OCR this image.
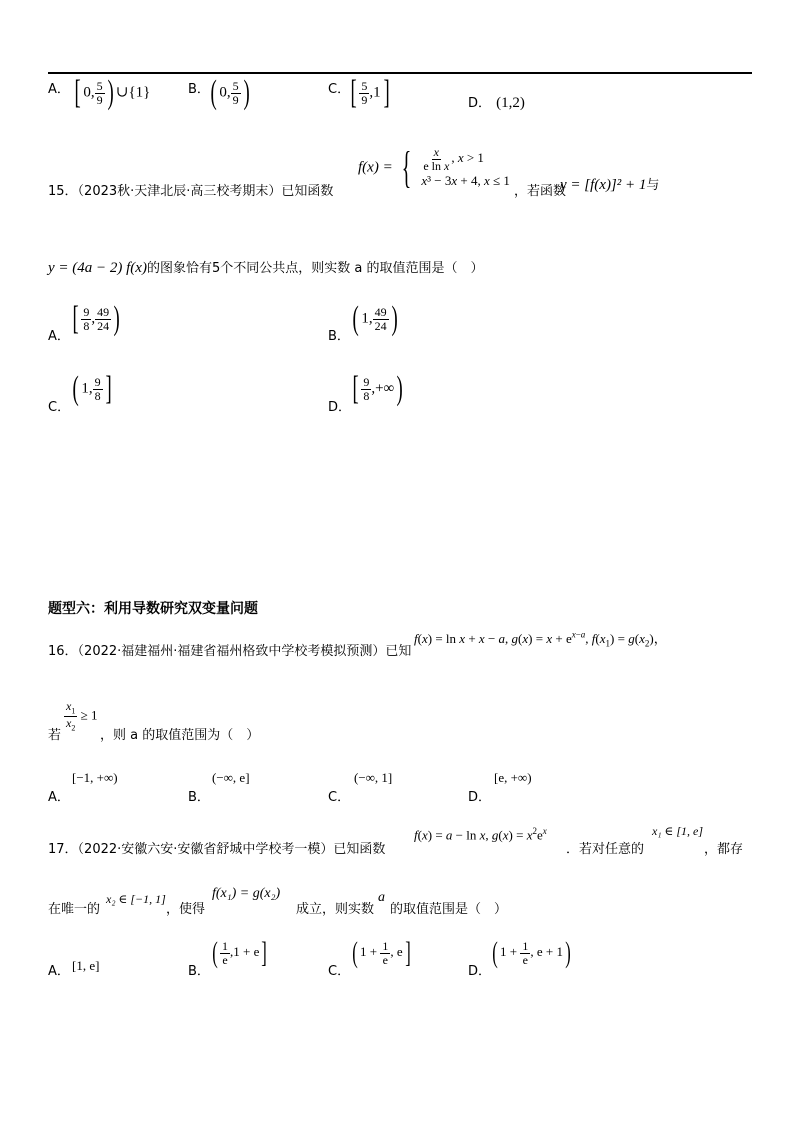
A． [ 0, $\frac{5}{9}$ ) ∪{1}	B． ( 0, $\frac{5}{9}$ )	C． [ $\frac{5}{9} ,1$]	D． (1,2)
15．（2023秋·天津北辰·高三校考期末）已知函数
f(x) = { $\frac{x}{\text{e ln x}}$ , x > 1
x³ − 3x + 4, x ≤ 1
，若函数
y = [f(x)]² + 1与
y = (4a − 2) f(x)的图象恰有5个不同公共点，则实数 a 的取值范围是（　）
A． [ $\frac{9}{8}$ , $\frac{49}{24}$ )	B． ( 1, $\frac{49}{24}$ )
C．
( 1, $\frac{9}{8}$ ]
D．
[ $\frac{9}{8}$ ,+∞)
题型六：利用导数研究双变量问题
16．（2022·福建福州·福建省福州格致中学校考模拟预测）已知
f(x) = ln x + x − a, $g(x) = x + e^{x-a}$, $f(x_1) = g(x_2)$，
若
$\frac{x_1}{x_2} \ge 1$
，则 a 的取值范围为（　）
A．
[−1, +∞)
B．
(−∞, e]
C．
(−∞, 1]
D．
[e, +∞)
17．（2022·安徽六安·安徽省舒城中学校考一模）已知函数
f(x) = a − ln x, $g(x) = x^2e^x$
．若对任意的
x₁ ∈ [1, e]
，都存
在唯一的
x₂ ∈ [−1, 1]
，使得
f(x₁) = g(x₂)
成立，则实数
a
的取值范围是（　）
A． [1, e]	B．
( $\frac{1}{e} ,1 + e$]
C．
( $1 + \frac{1}{e}$ , e]
D．
( $1 + \frac{1}{e}$ , e + 1)
